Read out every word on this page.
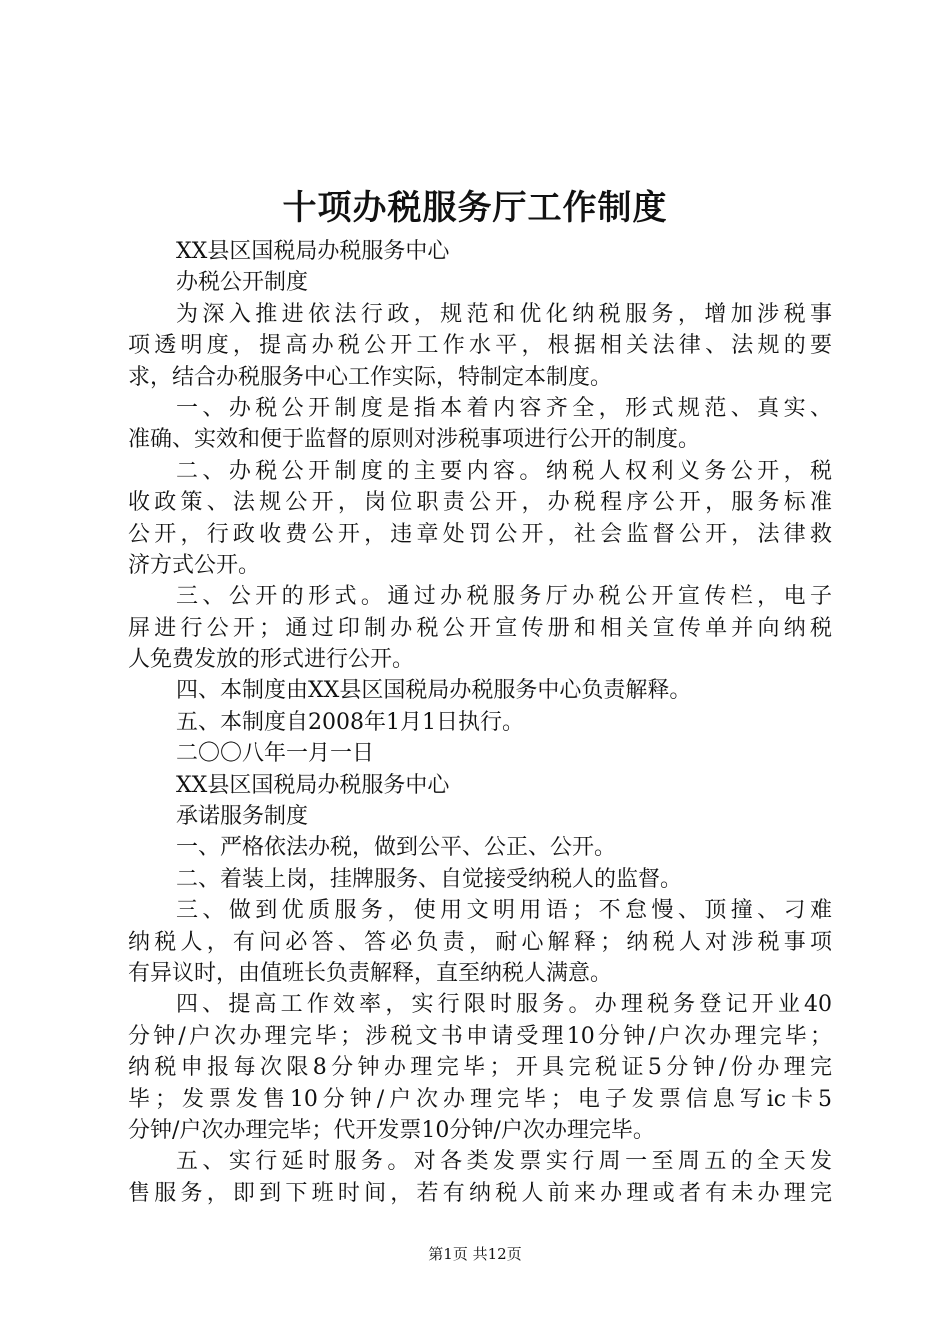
十项办税服务厅工作制度
XX县区国税局办税服务中心
办税公开制度
为深入推进依法行政，规范和优化纳税服务，增加涉税事
项透明度，提高办税公开工作水平，根据相关法律、法规的要
求，结合办税服务中心工作实际，特制定本制度。
一、办税公开制度是指本着内容齐全，形式规范、真实、
准确、实效和便于监督的原则对涉税事项进行公开的制度。
二、办税公开制度的主要内容。纳税人权利义务公开，税
收政策、法规公开，岗位职责公开，办税程序公开，服务标准
公开，行政收费公开，违章处罚公开，社会监督公开，法律救
济方式公开。
三、公开的形式。通过办税服务厅办税公开宣传栏，电子
屏进行公开；通过印制办税公开宣传册和相关宣传单并向纳税
人免费发放的形式进行公开。
四、本制度由XX县区国税局办税服务中心负责解释。
五、本制度自2008年1月1日执行。
二〇〇八年一月一日
XX县区国税局办税服务中心
承诺服务制度
一、严格依法办税，做到公平、公正、公开。
二、着装上岗，挂牌服务、自觉接受纳税人的监督。
三、做到优质服务，使用文明用语；不怠慢、顶撞、刁难
纳税人，有问必答、答必负责，耐心解释；纳税人对涉税事项
有异议时，由值班长负责解释，直至纳税人满意。
四、提高工作效率，实行限时服务。办理税务登记开业40
分钟/户次办理完毕；涉税文书申请受理10分钟/户次办理完毕；
纳税申报每次限8分钟办理完毕；开具完税证5分钟/份办理完
毕；发票发售10分钟/户次办理完毕；电子发票信息写ic卡5
分钟/户次办理完毕；代开发票10分钟/户次办理完毕。
五、实行延时服务。对各类发票实行周一至周五的全天发
售服务，即到下班时间，若有纳税人前来办理或者有未办理完
第1页 共12页
